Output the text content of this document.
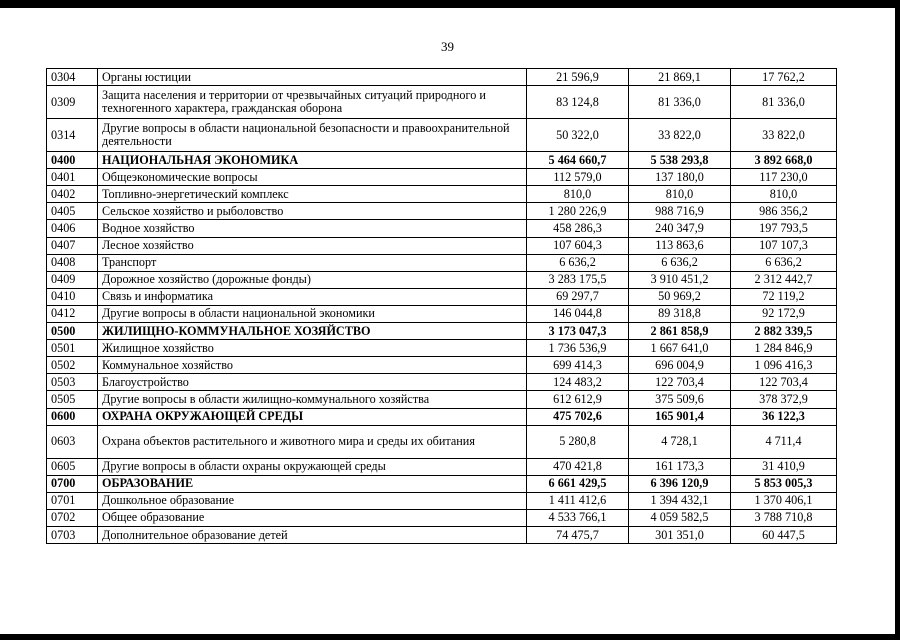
39
0304	Органы юстиции	21 596,9	21 869,1	17 762,2
0309	Защита населения и территории от чрезвычайных ситуаций природного и техногенного характера, гражданская оборона	83 124,8	81 336,0	81 336,0
0314	Другие вопросы в области национальной безопасности и правоохранительной деятельности	50 322,0	33 822,0	33 822,0
0400	НАЦИОНАЛЬНАЯ ЭКОНОМИКА	5 464 660,7	5 538 293,8	3 892 668,0
0401	Общеэкономические вопросы	112 579,0	137 180,0	117 230,0
0402	Топливно-энергетический комплекс	810,0	810,0	810,0
0405	Сельское хозяйство и рыболовство	1 280 226,9	988 716,9	986 356,2
0406	Водное хозяйство	458 286,3	240 347,9	197 793,5
0407	Лесное хозяйство	107 604,3	113 863,6	107 107,3
0408	Транспорт	6 636,2	6 636,2	6 636,2
0409	Дорожное хозяйство (дорожные фонды)	3 283 175,5	3 910 451,2	2 312 442,7
0410	Связь и информатика	69 297,7	50 969,2	72 119,2
0412	Другие вопросы в области национальной экономики	146 044,8	89 318,8	92 172,9
0500	ЖИЛИЩНО-КОММУНАЛЬНОЕ ХОЗЯЙСТВО	3 173 047,3	2 861 858,9	2 882 339,5
0501	Жилищное хозяйство	1 736 536,9	1 667 641,0	1 284 846,9
0502	Коммунальное хозяйство	699 414,3	696 004,9	1 096 416,3
0503	Благоустройство	124 483,2	122 703,4	122 703,4
0505	Другие вопросы в области жилищно-коммунального хозяйства	612 612,9	375 509,6	378 372,9
0600	ОХРАНА ОКРУЖАЮЩЕЙ СРЕДЫ	475 702,6	165 901,4	36 122,3
0603	Охрана объектов растительного и животного мира и среды их обитания	5 280,8	4 728,1	4 711,4
0605	Другие вопросы в области охраны окружающей среды	470 421,8	161 173,3	31 410,9
0700	ОБРАЗОВАНИЕ	6 661 429,5	6 396 120,9	5 853 005,3
0701	Дошкольное образование	1 411 412,6	1 394 432,1	1 370 406,1
0702	Общее образование	4 533 766,1	4 059 582,5	3 788 710,8
0703	Дополнительное образование детей	74 475,7	301 351,0	60 447,5
